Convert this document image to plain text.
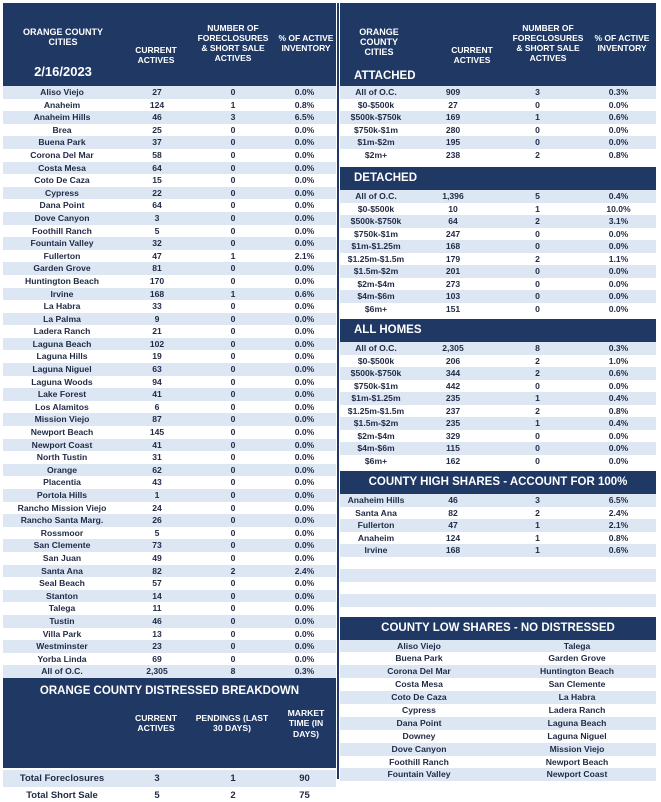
ORANGE COUNTY CITIES
2/16/2023
CURRENT ACTIVES
NUMBER OF FORECLOSURES & SHORT SALE ACTIVES
% OF ACTIVE INVENTORY
Aliso Viejo	27	0	0.0%
Anaheim	124	1	0.8%
Anaheim Hills	46	3	6.5%
Brea	25	0	0.0%
Buena Park	37	0	0.0%
Corona Del Mar	58	0	0.0%
Costa Mesa	64	0	0.0%
Coto De Caza	15	0	0.0%
Cypress	22	0	0.0%
Dana Point	64	0	0.0%
Dove Canyon	3	0	0.0%
Foothill Ranch	5	0	0.0%
Fountain Valley	32	0	0.0%
Fullerton	47	1	2.1%
Garden Grove	81	0	0.0%
Huntington Beach	170	0	0.0%
Irvine	168	1	0.6%
La Habra	33	0	0.0%
La Palma	9	0	0.0%
Ladera Ranch	21	0	0.0%
Laguna Beach	102	0	0.0%
Laguna Hills	19	0	0.0%
Laguna Niguel	63	0	0.0%
Laguna Woods	94	0	0.0%
Lake Forest	41	0	0.0%
Los Alamitos	6	0	0.0%
Mission Viejo	87	0	0.0%
Newport Beach	145	0	0.0%
Newport Coast	41	0	0.0%
North Tustin	31	0	0.0%
Orange	62	0	0.0%
Placentia	43	0	0.0%
Portola Hills	1	0	0.0%
Rancho Mission Viejo	24	0	0.0%
Rancho Santa Marg.	26	0	0.0%
Rossmoor	5	0	0.0%
San Clemente	73	0	0.0%
San Juan	49	0	0.0%
Santa Ana	82	2	2.4%
Seal Beach	57	0	0.0%
Stanton	14	0	0.0%
Talega	11	0	0.0%
Tustin	46	0	0.0%
Villa Park	13	0	0.0%
Westminster	23	0	0.0%
Yorba Linda	69	0	0.0%
All of O.C.	2,305	8	0.3%
ORANGE COUNTY DISTRESSED BREAKDOWN
CURRENT ACTIVES
PENDINGS (LAST 30 DAYS)
MARKET TIME (IN DAYS)
Total Foreclosures	3	1	90
Total Short Sale	5	2	75
ORANGE COUNTY CITIES	CURRENT ACTIVES
NUMBER OF FORECLOSURES & SHORT SALE ACTIVES
% OF ACTIVE INVENTORY
ATTACHED
All of O.C.	909	3	0.3%
$0-$500k	27	0	0.0%
$500k-$750k	169	1	0.6%
$750k-$1m	280	0	0.0%
$1m-$2m	195	0	0.0%
$2m+	238	2	0.8%
DETACHED
All of O.C.	1,396	5	0.4%
$0-$500k	10	1	10.0%
$500k-$750k	64	2	3.1%
$750k-$1m	247	0	0.0%
$1m-$1.25m	168	0	0.0%
$1.25m-$1.5m	179	2	1.1%
$1.5m-$2m	201	0	0.0%
$2m-$4m	273	0	0.0%
$4m-$6m	103	0	0.0%
$6m+	151	0	0.0%
ALL HOMES
All of O.C.	2,305	8	0.3%
$0-$500k	206	2	1.0%
$500k-$750k	344	2	0.6%
$750k-$1m	442	0	0.0%
$1m-$1.25m	235	1	0.4%
$1.25m-$1.5m	237	2	0.8%
$1.5m-$2m	235	1	0.4%
$2m-$4m	329	0	0.0%
$4m-$6m	115	0	0.0%
$6m+	162	0	0.0%
COUNTY HIGH SHARES - ACCOUNT FOR 100%
Anaheim Hills	46	3	6.5%
Santa Ana	82	2	2.4%
Fullerton	47	1	2.1%
Anaheim	124	1	0.8%
Irvine	168	1	0.6%
COUNTY LOW SHARES - NO DISTRESSED
Aliso Viejo	Talega
Buena Park	Garden Grove
Corona Del Mar	Huntington Beach
Costa Mesa	San Clemente
Coto De Caza	La Habra
Cypress	Ladera Ranch
Dana Point	Laguna Beach
Downey	Laguna Niguel
Dove Canyon	Mission Viejo
Foothill Ranch	Newport Beach
Fountain Valley	Newport Coast
